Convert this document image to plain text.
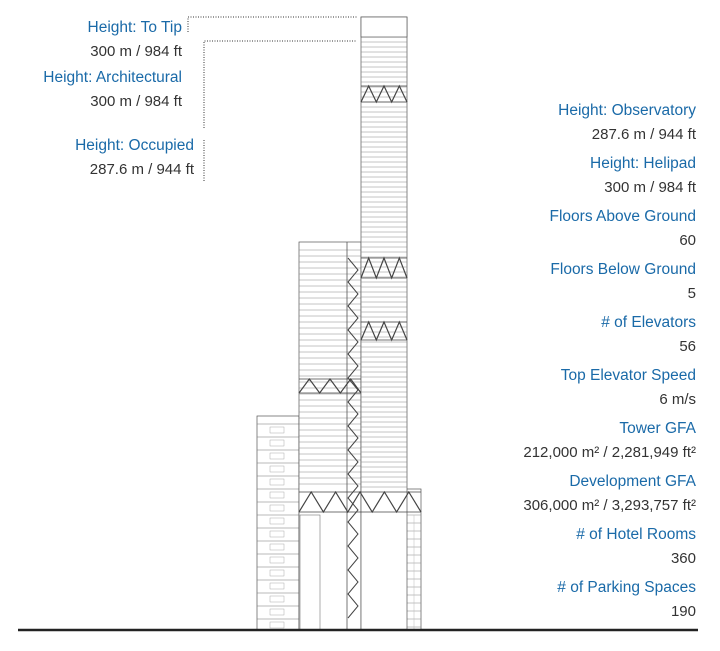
Height: To Tip
300 m / 984 ft
Height: Architectural
300 m / 984 ft
Height: Occupied
287.6 m / 944 ft
Height: Observatory
287.6 m / 944 ft
Height: Helipad
300 m / 984 ft
Floors Above Ground
60
Floors Below Ground
5
# of Elevators
56
Top Elevator Speed
6 m/s
Tower GFA
212,000 m² / 2,281,949 ft²
Development GFA
306,000 m² / 3,293,757 ft²
# of Hotel Rooms
360
# of Parking Spaces
190
